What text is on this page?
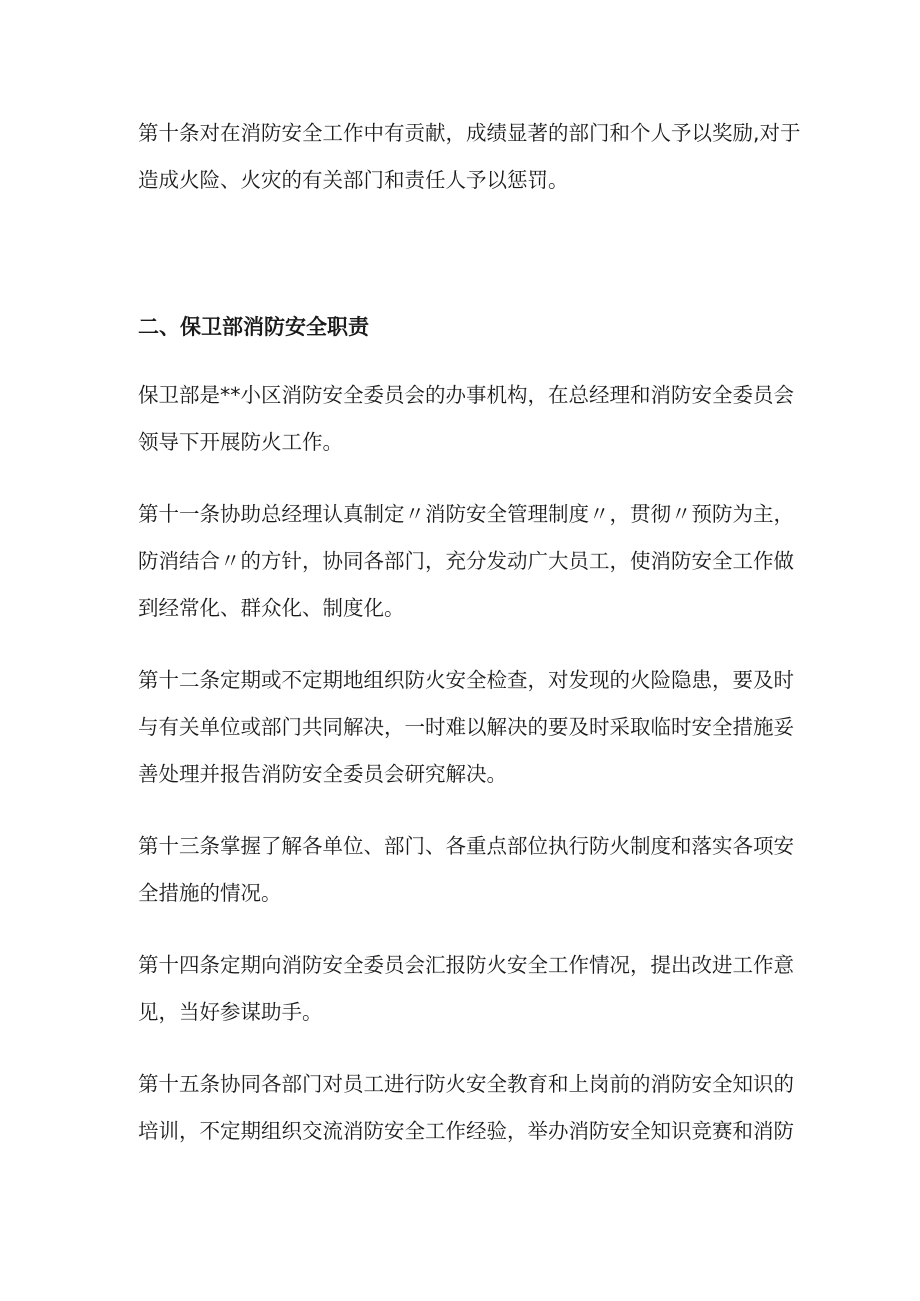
第十条对在消防安全工作中有贡献，成绩显著的部门和个人予以奖励,对于
造成火险、火灾的有关部门和责任人予以惩罚。

二、保卫部消防安全职责

保卫部是**小区消防安全委员会的办事机构，在总经理和消防安全委员会
领导下开展防火工作。

第十一条协助总经理认真制定〃消防安全管理制度〃，贯彻〃预防为主，
防消结合〃的方针，协同各部门，充分发动广大员工，使消防安全工作做
到经常化、群众化、制度化。

第十二条定期或不定期地组织防火安全检查，对发现的火险隐患，要及时
与有关单位或部门共同解决，一时难以解决的要及时采取临时安全措施妥
善处理并报告消防安全委员会研究解决。

第十三条掌握了解各单位、部门、各重点部位执行防火制度和落实各项安
全措施的情况。

第十四条定期向消防安全委员会汇报防火安全工作情况，提出改进工作意
见，当好参谋助手。

第十五条协同各部门对员工进行防火安全教育和上岗前的消防安全知识的
培训，不定期组织交流消防安全工作经验，举办消防安全知识竞赛和消防
